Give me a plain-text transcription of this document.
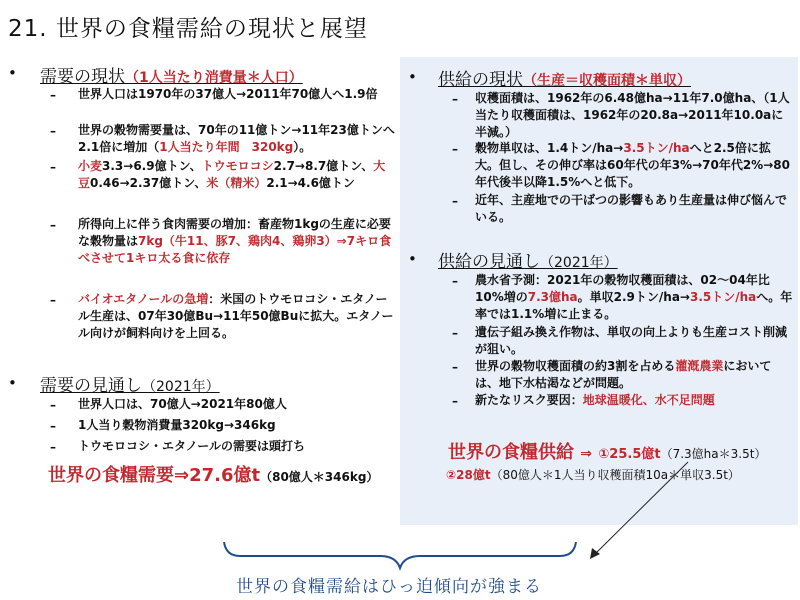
21. 世界の食糧需給の現状と展望
• 需要の現状（1人当たり消費量＊人口）
– 世界人口は1970年の37億人→2011年70億人へ1.9倍
– 世界の穀物需要量は、70年の11億トン→11年23億トンへ2.1倍に増加（1人当たり年間　320kg）。
– 小麦3.3→6.9億トン、トウモロコシ2.7→8.7億トン、大豆0.46→2.37億トン、米（精米）2.1→4.6億トン
– 所得向上に伴う食肉需要の増加：畜産物1kgの生産に必要な穀物量は7kg（牛11、豚7、鶏肉4、鶏卵3）⇒7キロ食べさせて1キロ太る食に依存
– バイオエタノールの急増：米国のトウモロコシ・エタノール生産は、07年30億Bu→11年50億Buに拡大。エタノール向けが飼料向けを上回る。
• 需要の見通し（2021年）
– 世界人口は、70億人→2021年80億人
– 1人当り穀物消費量320kg→346kg
– トウモロコシ・エタノールの需要は頭打ち
世界の食糧需要⇒27.6億t（80億人＊346kg）
• 供給の現状（生産＝収穫面積＊単収）
– 収穫面積は、1962年の6.48億ha→11年7.0億ha、（1人当たり収穫面積は、1962年の20.8a→2011年10.0aに半減。）
– 穀物単収は、1.4トン/ha→3.5トン/haへと2.5倍に拡大。但し、その伸び率は60年代の年3%→70年代2%→80年代後半以降1.5%へと低下。
– 近年、主産地での干ばつの影響もあり生産量は伸び悩んでいる。
• 供給の見通し（2021年）
– 農水省予測：2021年の穀物収穫面積は、02～04年比10%増の7.3億ha。単収2.9トン/ha→3.5トン/haへ。年率では1.1%増に止まる。
– 遺伝子組み換え作物は、単収の向上よりも生産コスト削減が狙い。
– 世界の穀物収穫面積の約3割を占める灌漑農業においては、地下水枯渇などが問題。
– 新たなリスク要因：地球温暖化、水不足問題
世界の食糧供給 ⇒ ①25.5億t（7.3億ha＊3.5t）
②28億t（80億人＊1人当り収穫面積10a＊単収3.5t）
世界の食糧需給はひっ迫傾向が強まる
